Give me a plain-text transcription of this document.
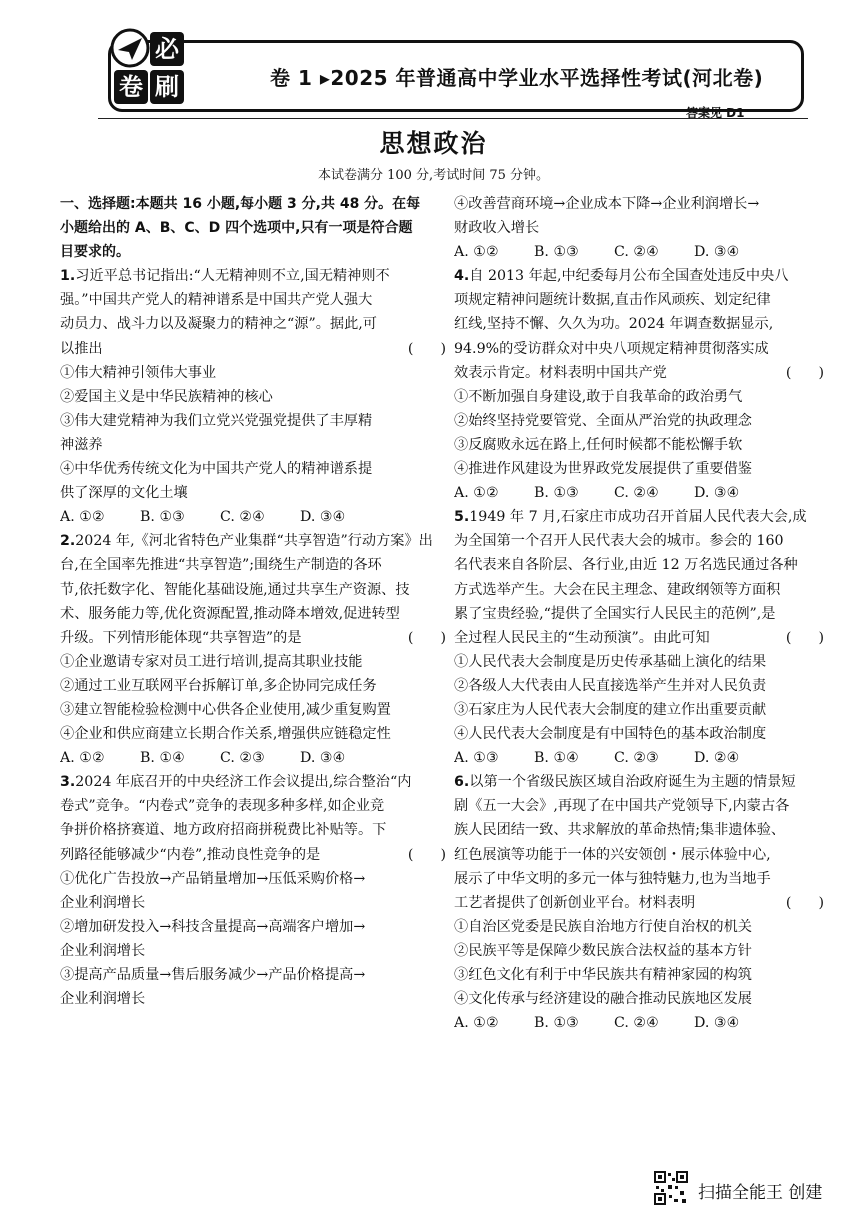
必
卷 刷	卷 1 ▸2025 年普通高中学业水平选择性考试(河北卷)
答案见 D1
思想政治
本试卷满分 100 分,考试时间 75 分钟。
一、选择题:本题共 16 小题,每小题 3 分,共 48 分。在每
小题给出的 A、B、C、D 四个选项中,只有一项是符合题
目要求的。
1.习近平总书记指出:“人无精神则不立,国无精神则不
强。”中国共产党人的精神谱系是中国共产党人强大
动员力、战斗力以及凝聚力的精神之“源”。据此,可
以推出	(      )
①伟大精神引领伟大事业
②爱国主义是中华民族精神的核心
③伟大建党精神为我们立党兴党强党提供了丰厚精
神滋养
④中华优秀传统文化为中国共产党人的精神谱系提
供了深厚的文化土壤
A. ①②	B. ①③	C. ②④	D. ③④
2.2024 年,《河北省特色产业集群“共享智造”行动方案》出
台,在全国率先推进“共享智造”;围绕生产制造的各环
节,依托数字化、智能化基础设施,通过共享生产资源、技
术、服务能力等,优化资源配置,推动降本增效,促进转型
升级。下列情形能体现“共享智造”的是	(      )
①企业邀请专家对员工进行培训,提高其职业技能
②通过工业互联网平台拆解订单,多企协同完成任务
③建立智能检验检测中心供各企业使用,减少重复购置
④企业和供应商建立长期合作关系,增强供应链稳定性
A. ①②	B. ①④	C. ②③	D. ③④
3.2024 年底召开的中央经济工作会议提出,综合整治“内
卷式”竞争。“内卷式”竞争的表现多种多样,如企业竞
争拼价格挤赛道、地方政府招商拼税费比补贴等。下
列路径能够减少“内卷”,推动良性竞争的是	(      )
①优化广告投放→产品销量增加→压低采购价格→
企业利润增长
②增加研发投入→科技含量提高→高端客户增加→
企业利润增长
③提高产品质量→售后服务减少→产品价格提高→
企业利润增长
④改善营商环境→企业成本下降→企业利润增长→
财政收入增长
A. ①②	B. ①③	C. ②④	D. ③④
4.自 2013 年起,中纪委每月公布全国查处违反中央八
项规定精神问题统计数据,直击作风顽疾、划定纪律
红线,坚持不懈、久久为功。2024 年调查数据显示,
94.9%的受访群众对中央八项规定精神贯彻落实成
效表示肯定。材料表明中国共产党	(      )
①不断加强自身建设,敢于自我革命的政治勇气
②始终坚持党要管党、全面从严治党的执政理念
③反腐败永远在路上,任何时候都不能松懈手软
④推进作风建设为世界政党发展提供了重要借鉴
A. ①②	B. ①③	C. ②④	D. ③④
5.1949 年 7 月,石家庄市成功召开首届人民代表大会,成
为全国第一个召开人民代表大会的城市。参会的 160
名代表来自各阶层、各行业,由近 12 万名选民通过各种
方式选举产生。大会在民主理念、建政纲领等方面积
累了宝贵经验,“提供了全国实行人民民主的范例”,是
全过程人民民主的“生动预演”。由此可知	(      )
①人民代表大会制度是历史传承基础上演化的结果
②各级人大代表由人民直接选举产生并对人民负责
③石家庄为人民代表大会制度的建立作出重要贡献
④人民代表大会制度是有中国特色的基本政治制度
A. ①③	B. ①④	C. ②③	D. ②④
6.以第一个省级民族区域自治政府诞生为主题的情景短
剧《五一大会》,再现了在中国共产党领导下,内蒙古各
族人民团结一致、共求解放的革命热情;集非遗体验、
红色展演等功能于一体的兴安领创・展示体验中心,
展示了中华文明的多元一体与独特魅力,也为当地手
工艺者提供了创新创业平台。材料表明	(      )
①自治区党委是民族自治地方行使自治权的机关
②民族平等是保障少数民族合法权益的基本方针
③红色文化有利于中华民族共有精神家园的构筑
④文化传承与经济建设的融合推动民族地区发展
A. ①②	B. ①③	C. ②④	D. ③④
扫描全能王 创建
